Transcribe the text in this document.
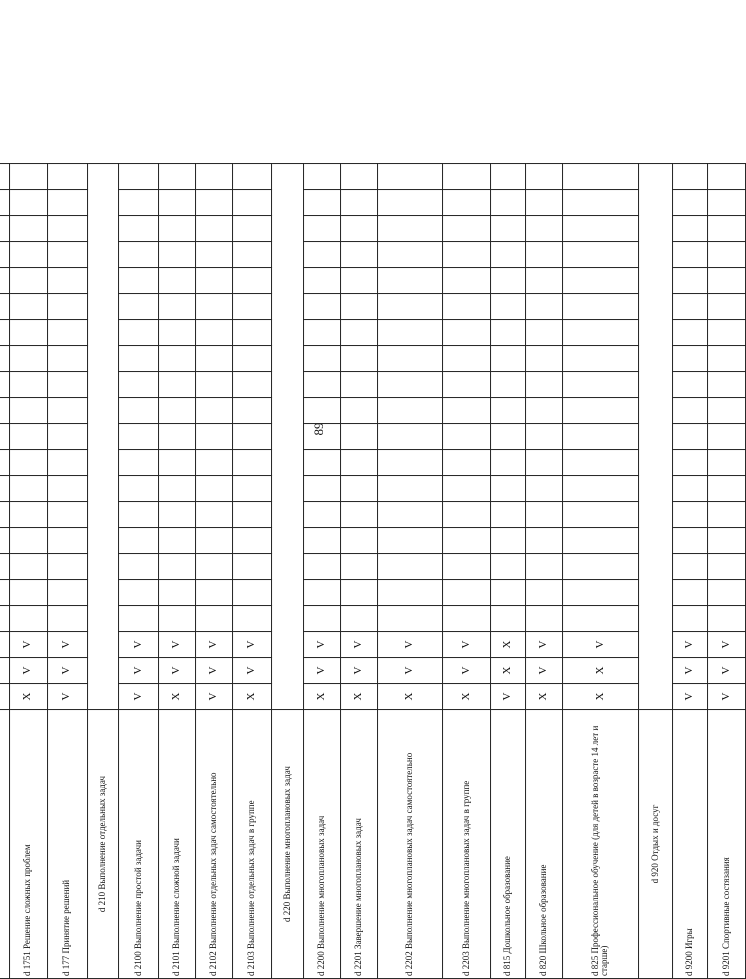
89

d 1751 Решение сложных проблем	X	V	V																		
d 177 Принятие решений	V	V	V																		
d 210 Выполнение отдельных задач																					
d 2100 Выполнение простой задачи	V	V	V																		
d 2101 Выполнение сложной задачи	X	V	V																		
d 2102 Выполнение отдельных задач самостоятельно	V	V	V																		
d 2103 Выполнение отдельных задач в группе	X	V	V																		
d 220 Выполнение многоплановых задач																					
d 2200 Выполнение многоплановых задач	X	V	V																		
d 2201 Завершение многоплановых задач	X	V	V																		
d 2202 Выполнение многоплановых задач самостоятельно	X	V	V																		
d 2203 Выполнение многоплановых задач в группе	X	V	V																		
d 815 Дошкольное образование	V	X	X																		
d 820 Школьное образование	X	V	V																		
d 825 Профессиональное обучение (для детей в возрасте 14 лет и старше)	X	X	V																		
d 920 Отдых и досуг																					
d 9200 Игры	V	V	V																		
d 9201 Спортивные состязания	V	V	V																		
